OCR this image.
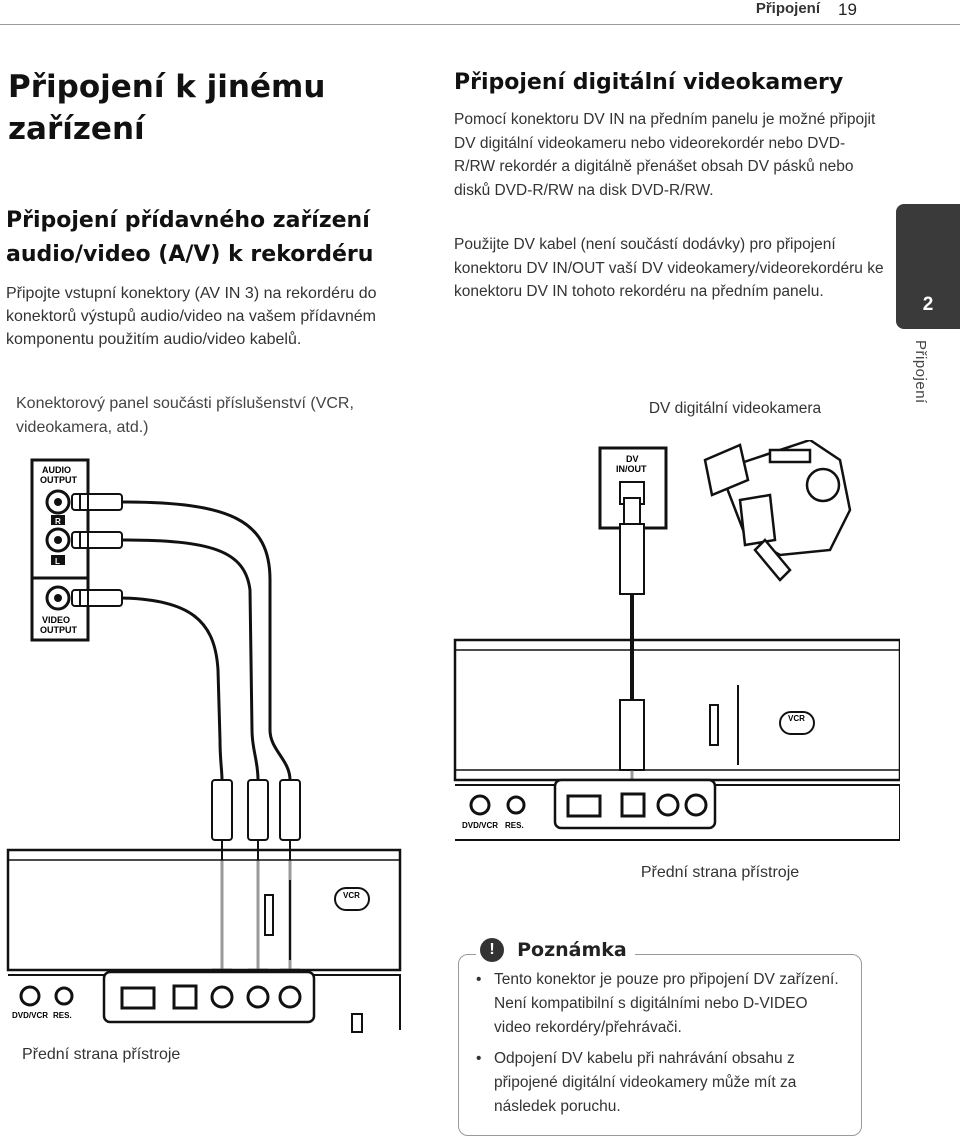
Připojení 19
Připojení k jinému zařízení
Připojení přídavného zařízení audio/video (A/V) k rekordéru

Připojte vstupní konektory (AV IN 3) na rekordéru do konektorů výstupů audio/video na vašem přídavném komponentu použitím audio/video kabelů.

Konektorový panel součásti příslušenství (VCR, videokamera, atd.)

Připojení digitální videokamery

Pomocí konektoru DV IN na předním panelu je možné připojit DV digitální videokameru nebo videorekordér nebo DVD-R/RW rekordér a digitálně přenášet obsah DV pásků nebo disků DVD-R/RW na disk DVD-R/RW.

Použijte DV kabel (není součástí dodávky) pro připojení konektoru DV IN/OUT vaší DV videokamery/videorekordéru ke konektoru DV IN tohoto rekordéru na předním panelu.

DV digitální videokamera
2
Připojení
AUDIO
OUTPUT
R
L
VIDEO
OUTPUT
DV
IN/OUT
VCR
DVD/VCR RES.
VCR
DVD/VCR RES.
Přední strana přístroje
Přední strana přístroje
! Poznámka
• Tento konektor je pouze pro připojení DV zařízení. Není kompatibilní s digitálními nebo D-VIDEO video rekordéry/přehrávači.
• Odpojení DV kabelu při nahrávání obsahu z připojené digitální videokamery může mít za následek poruchu.
